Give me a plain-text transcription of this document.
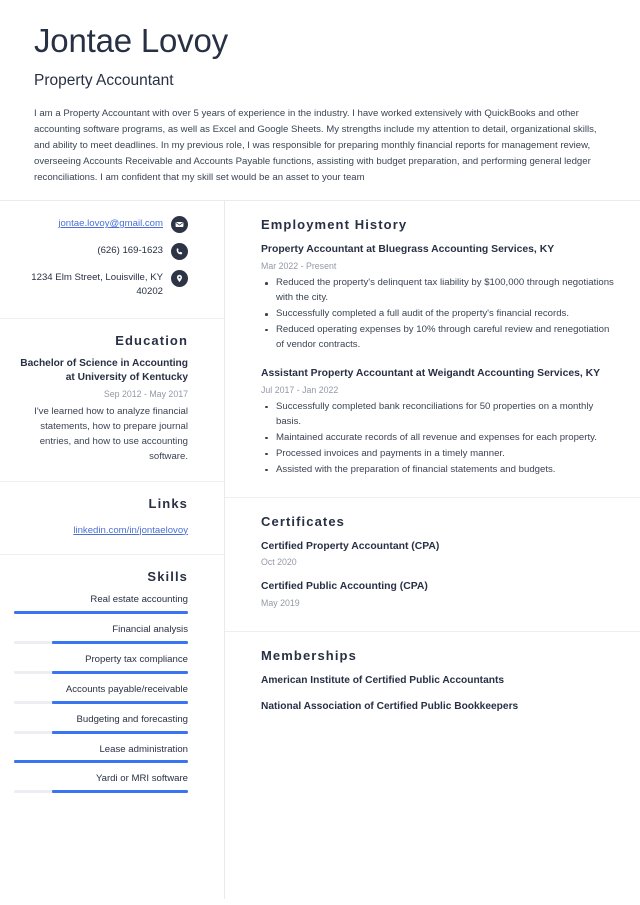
Jontae Lovoy
Property Accountant

I am a Property Accountant with over 5 years of experience in the industry. I have worked extensively with QuickBooks and other accounting software programs, as well as Excel and Google Sheets. My strengths include my attention to detail, organizational skills, and ability to meet deadlines. In my previous role, I was responsible for preparing monthly financial reports for management review, overseeing Accounts Receivable and Accounts Payable functions, assisting with budget preparation, and performing general ledger reconciliations. I am confident that my skill set would be an asset to your team

jontae.lovoy@gmail.com
(626) 169-1623
1234 Elm Street, Louisville, KY 40202
Education
Bachelor of Science in Accounting at University of Kentucky
Sep 2012 - May 2017
I've learned how to analyze financial statements, how to prepare journal entries, and how to use accounting software.
Links
linkedin.com/in/jontaelovoy
Skills
Real estate accounting
Financial analysis
Property tax compliance
Accounts payable/receivable
Budgeting and forecasting
Lease administration
Yardi or MRI software
Employment History
Property Accountant at Bluegrass Accounting Services, KY
Mar 2022 - Present
Reduced the property's delinquent tax liability by $100,000 through negotiations with the city.
Successfully completed a full audit of the property's financial records.
Reduced operating expenses by 10% through careful review and renegotiation of vendor contracts.
Assistant Property Accountant at Weigandt Accounting Services, KY
Jul 2017 - Jan 2022
Successfully completed bank reconciliations for 50 properties on a monthly basis.
Maintained accurate records of all revenue and expenses for each property.
Processed invoices and payments in a timely manner.
Assisted with the preparation of financial statements and budgets.
Certificates
Certified Property Accountant (CPA)
Oct 2020
Certified Public Accounting (CPA)
May 2019
Memberships
American Institute of Certified Public Accountants
National Association of Certified Public Bookkeepers
